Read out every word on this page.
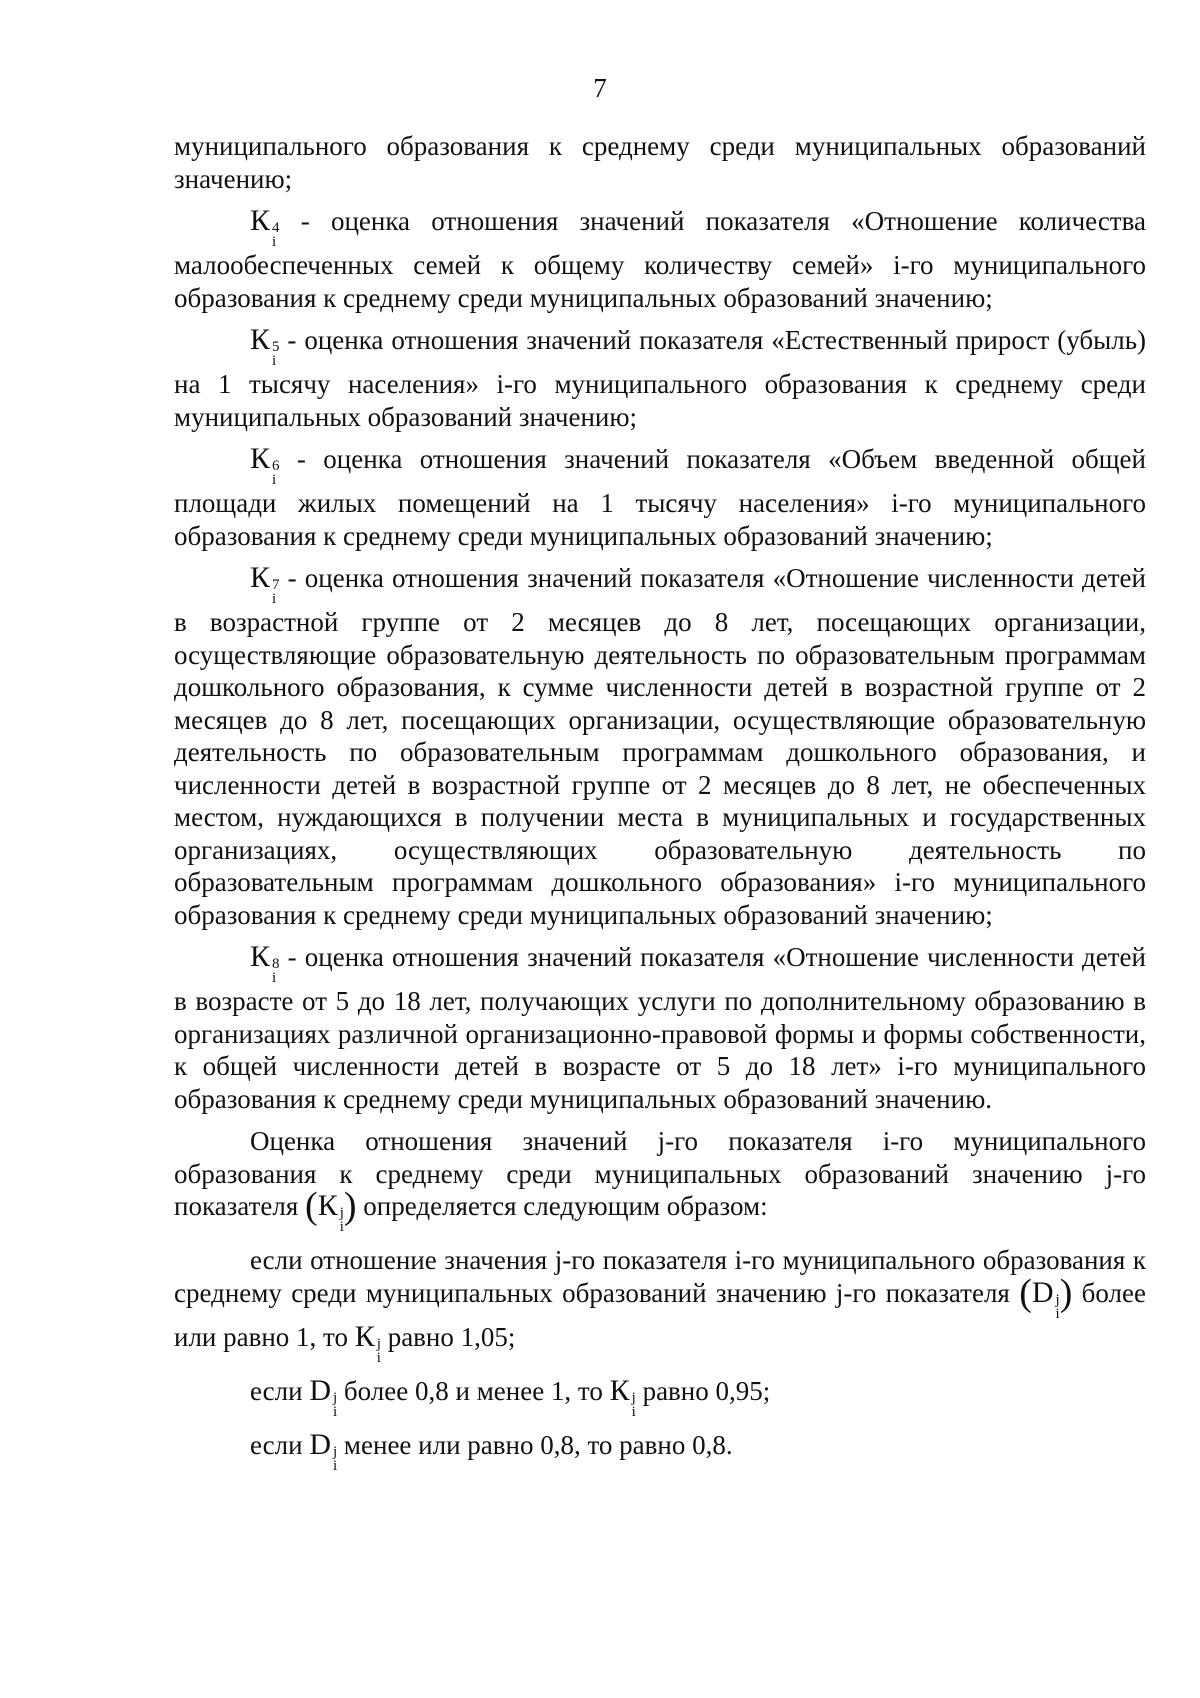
7

муниципального образования к среднему среди муниципальных образований значению;

К 4
i
- оценка отношения значений показателя «Отношение количества малообеспеченных семей к общему количеству семей» i-го муниципального образования к среднему среди муниципальных образований значению;

К 5
i
- оценка отношения значений показателя «Естественный прирост (убыль) на 1 тысячу населения» i-го муниципального образования к среднему среди муниципальных образований значению;

К 6
i
- оценка отношения значений показателя «Объем введенной общей площади жилых помещений на 1 тысячу населения» i-го муниципального образования к среднему среди муниципальных образований значению;

К 7
i
- оценка отношения значений показателя «Отношение численности детей в возрастной группе от 2 месяцев до 8 лет, посещающих организации, осуществляющие образовательную деятельность по образовательным программам дошкольного образования, к сумме численности детей в возрастной группе от 2 месяцев до 8 лет, посещающих организации, осуществляющие образовательную деятельность по образовательным программам дошкольного образования, и численности детей в возрастной группе от 2 месяцев до 8 лет, не обеспеченных местом, нуждающихся в получении места в муниципальных и государственных организациях, осуществляющих образовательную деятельность по образовательным программам дошкольного образования» i-го муниципального образования к среднему среди муниципальных образований значению;

К 8
i
- оценка отношения значений показателя «Отношение численности детей в возрасте от 5 до 18 лет, получающих услуги по дополнительному образованию в организациях различной организационно-правовой формы и формы собственности, к общей численности детей в возрасте от 5 до 18 лет» i-го муниципального образования к среднему среди муниципальных образований значению.

Оценка отношения значений j-го показателя i-го муниципального образования к среднему среди муниципальных образований значению j-го показателя (К j
i ) определяется следующим образом:

если отношение значения j-го показателя i-го муниципального образования к среднему среди муниципальных образований значению j-го показателя (D j
i ) более или равно 1, то К j
i
равно 1,05;

если D j
i
более 0,8 и менее 1, то К j
i
равно 0,95;

если D j
i
менее или равно 0,8, то равно 0,8.
